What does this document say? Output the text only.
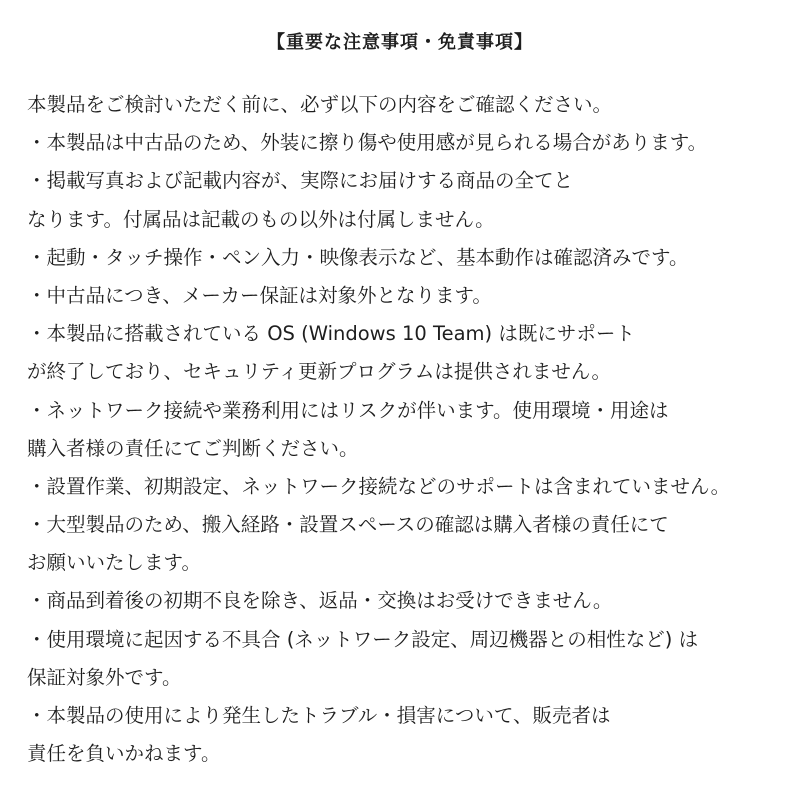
【重要な注意事項・免責事項】
本製品をご検討いただく前に、必ず以下の内容をご確認ください。
・本製品は中古品のため、外装に擦り傷や使用感が見られる場合があります。
・掲載写真および記載内容が、実際にお届けする商品の全てと
なります。付属品は記載のもの以外は付属しません。
・起動・タッチ操作・ペン入力・映像表示など、基本動作は確認済みです。
・中古品につき、メーカー保証は対象外となります。
・本製品に搭載されている OS (Windows 10 Team) は既にサポート
が終了しており、セキュリティ更新プログラムは提供されません。
・ネットワーク接続や業務利用にはリスクが伴います。使用環境・用途は
購入者様の責任にてご判断ください。
・設置作業、初期設定、ネットワーク接続などのサポートは含まれていません。
・大型製品のため、搬入経路・設置スペースの確認は購入者様の責任にて
お願いいたします。
・商品到着後の初期不良を除き、返品・交換はお受けできません。
・使用環境に起因する不具合 (ネットワーク設定、周辺機器との相性など) は
保証対象外です。
・本製品の使用により発生したトラブル・損害について、販売者は
責任を負いかねます。
